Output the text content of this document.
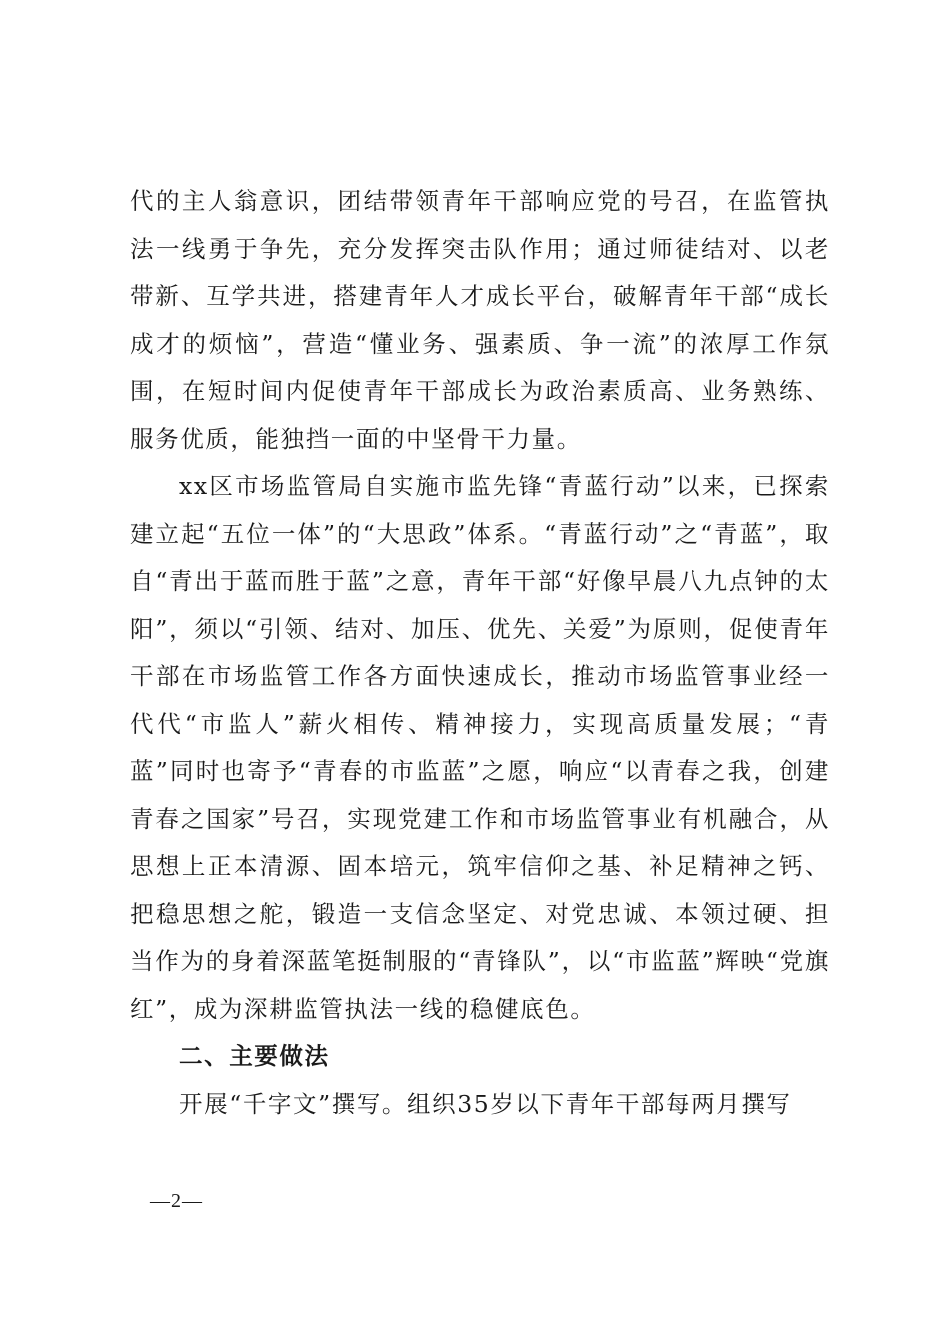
代的主人翁意识，团结带领青年干部响应党的号召，在监管执法一线勇于争先，充分发挥突击队作用；通过师徒结对、以老带新、互学共进，搭建青年人才成长平台，破解青年干部“成长成才的烦恼”，营造“懂业务、强素质、争一流”的浓厚工作氛围，在短时间内促使青年干部成长为政治素质高、业务熟练、服务优质，能独挡一面的中坚骨干力量。

xx区市场监管局自实施市监先锋“青蓝行动”以来，已探索建立起“五位一体”的“大思政”体系。“青蓝行动”之“青蓝”，取自“青出于蓝而胜于蓝”之意，青年干部“好像早晨八九点钟的太阳”，须以“引领、结对、加压、优先、关爱”为原则，促使青年干部在市场监管工作各方面快速成长，推动市场监管事业经一代代“市监人”薪火相传、精神接力，实现高质量发展；“青蓝”同时也寄予“青春的市监蓝”之愿，响应“以青春之我，创建青春之国家”号召，实现党建工作和市场监管事业有机融合，从思想上正本清源、固本培元，筑牢信仰之基、补足精神之钙、把稳思想之舵，锻造一支信念坚定、对党忠诚、本领过硬、担当作为的身着深蓝笔挺制服的“青锋队”，以“市监蓝”辉映“党旗红”，成为深耕监管执法一线的稳健底色。

二、主要做法

开展“千字文”撰写。组织35岁以下青年干部每两月撰写

—2—
